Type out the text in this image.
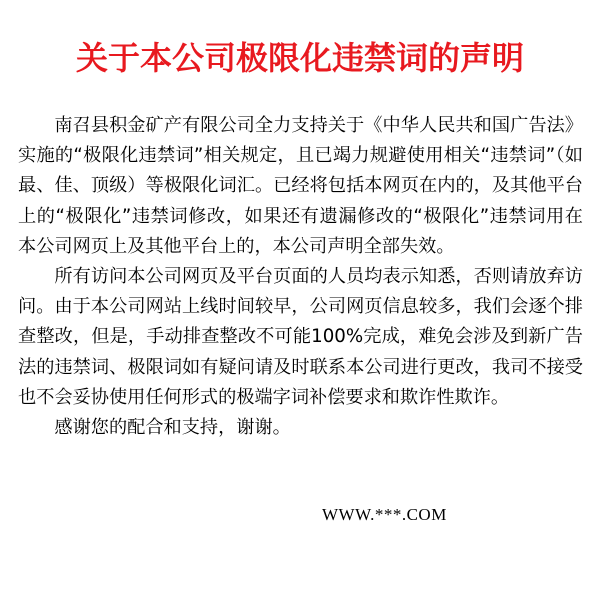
关于本公司极限化违禁词的声明

南召县积金矿产有限公司全力支持关于《中华人民共和国广告法》实施的“极限化违禁词”相关规定，且已竭力规避使用相关“违禁词”（如最、佳、顶级）等极限化词汇。已经将包括本网页在内的，及其他平台上的“极限化”违禁词修改，如果还有遗漏修改的“极限化”违禁词用在本公司网页上及其他平台上的，本公司声明全部失效。

所有访问本公司网页及平台页面的人员均表示知悉，否则请放弃访问。由于本公司网站上线时间较早，公司网页信息较多，我们会逐个排查整改，但是，手动排查整改不可能100%完成，难免会涉及到新广告法的违禁词、极限词如有疑问请及时联系本公司进行更改，我司不接受也不会妥协使用任何形式的极端字词补偿要求和欺诈性欺诈。

感谢您的配合和支持，谢谢。

WWW.***.COM
